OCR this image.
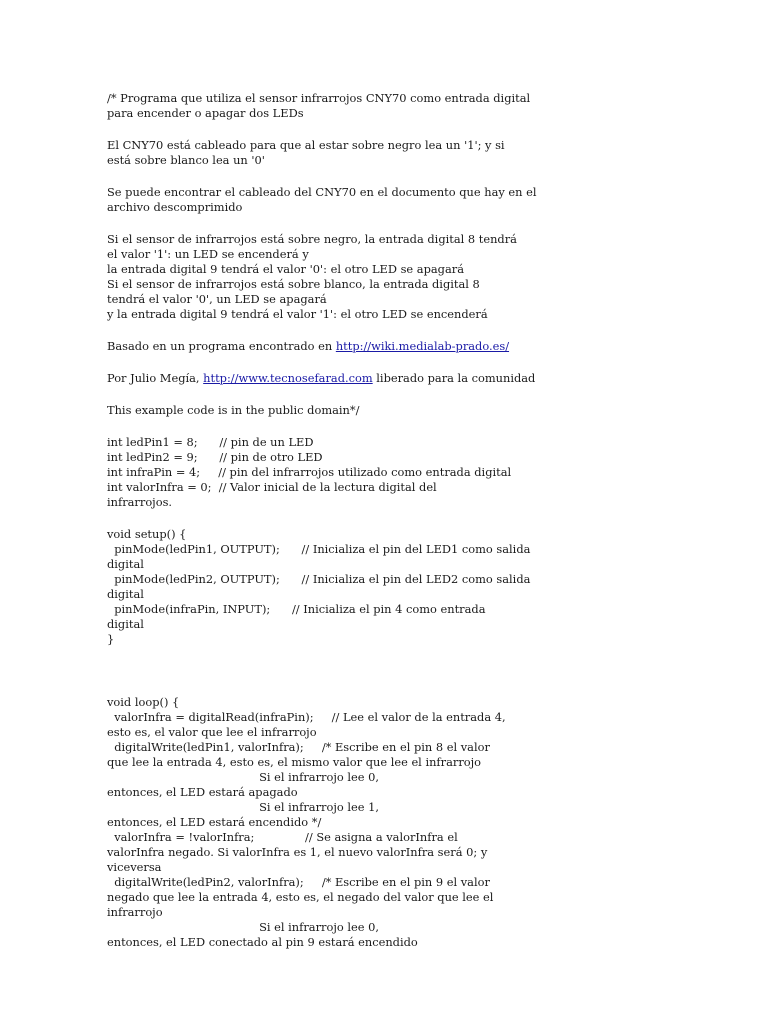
/* Programa que utiliza el sensor infrarrojos CNY70 como entrada digital
para encender o apagar dos LEDs
El CNY70 está cableado para que al estar sobre negro lea un '1'; y si
está sobre blanco lea un '0'
Se puede encontrar el cableado del CNY70 en el documento que hay en el
archivo descomprimido
Si el sensor de infrarrojos está sobre negro, la entrada digital 8 tendrá
el valor '1': un LED se encenderá y
la entrada digital 9 tendrá el valor '0': el otro LED se apagará
Si el sensor de infrarrojos está sobre blanco, la entrada digital 8
tendrá el valor '0', un LED se apagará
y la entrada digital 9 tendrá el valor '1': el otro LED se encenderá
Basado en un programa encontrado en http://wiki.medialab-prado.es/
Por Julio Megía, http://www.tecnosefarad.com liberado para la comunidad
This example code is in the public domain*/
int ledPin1 = 8;      // pin de un LED
int ledPin2 = 9;      // pin de otro LED
int infraPin = 4;     // pin del infrarrojos utilizado como entrada digital
int valorInfra = 0;  // Valor inicial de la lectura digital del
infrarrojos.
void setup() {
pinMode(ledPin1, OUTPUT);      // Inicializa el pin del LED1 como salida
digital
pinMode(ledPin2, OUTPUT);      // Inicializa el pin del LED2 como salida
digital
pinMode(infraPin, INPUT);      // Inicializa el pin 4 como entrada
digital
}
void loop() {
valorInfra = digitalRead(infraPin);     // Lee el valor de la entrada 4,
esto es, el valor que lee el infrarrojo
digitalWrite(ledPin1, valorInfra);     /* Escribe en el pin 8 el valor
que lee la entrada 4, esto es, el mismo valor que lee el infrarrojo
Si el infrarrojo lee 0,
entonces, el LED estará apagado
Si el infrarrojo lee 1,
entonces, el LED estará encendido */
valorInfra = !valorInfra;              // Se asigna a valorInfra el
valorInfra negado. Si valorInfra es 1, el nuevo valorInfra será 0; y
viceversa
digitalWrite(ledPin2, valorInfra);     /* Escribe en el pin 9 el valor
negado que lee la entrada 4, esto es, el negado del valor que lee el
infrarrojo
Si el infrarrojo lee 0,
entonces, el LED conectado al pin 9 estará encendido
